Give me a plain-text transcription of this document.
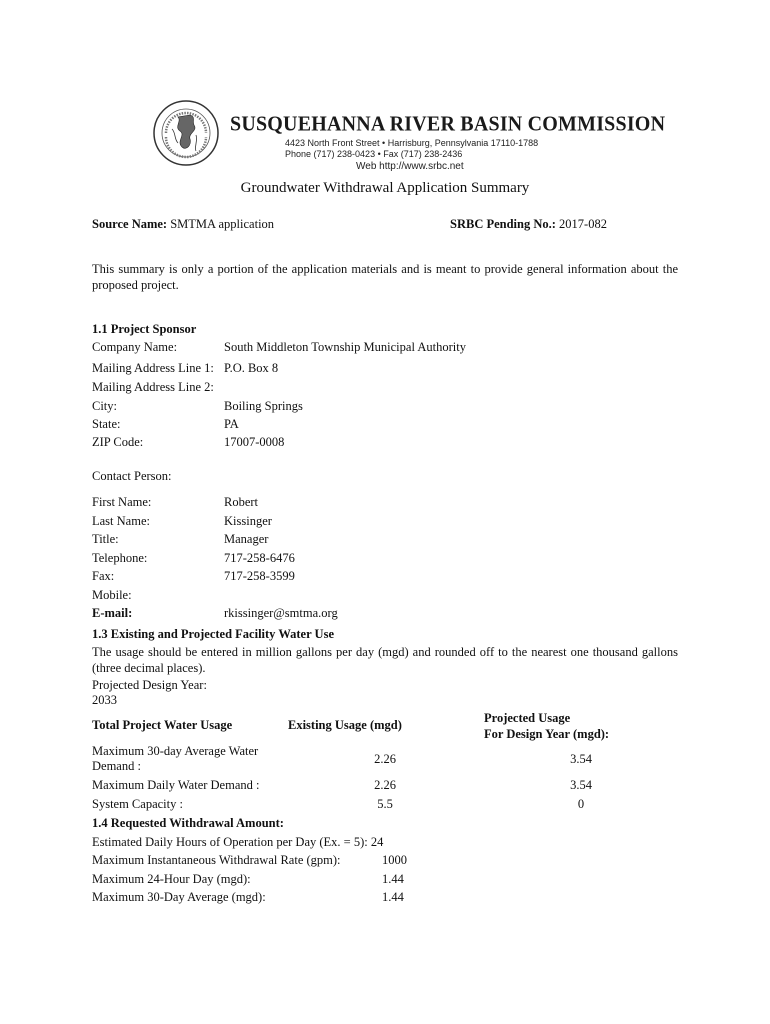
SUSQUEHANNA RIVER BASIN COMMISSION
4423 North Front Street • Harrisburg, Pennsylvania 17110-1788
Phone (717) 238-0423 • Fax (717) 238-2436
Web http://www.srbc.net
Groundwater Withdrawal Application Summary
Source Name: SMTMA application	SRBC Pending No.: 2017-082
This summary is only a portion of the application materials and is meant to provide general information about the proposed project.
1.1 Project Sponsor
Company Name:	South Middleton Township Municipal Authority
Mailing Address Line 1: P.O. Box 8
Mailing Address Line 2:
City:	Boiling Springs
State:	PA
ZIP Code:	17007-0008
Contact Person:
First Name:	Robert
Last Name:	Kissinger
Title:	Manager
Telephone:	717-258-6476
Fax:	717-258-3599
Mobile:
E-mail:	rkissinger@smtma.org
1.3 Existing and Projected Facility Water Use
The usage should be entered in million gallons per day (mgd) and rounded off to the nearest one thousand gallons (three decimal places).
Projected Design Year:
2033
Total Project Water Usage	Existing Usage (mgd)	Projected Usage
For Design Year (mgd):
Maximum 30-day Average Water
Demand :	2.26	3.54
Maximum Daily Water Demand :	2.26	3.54
System Capacity :	5.5	0
1.4 Requested Withdrawal Amount:
Estimated Daily Hours of Operation per Day (Ex. = 5): 24
Maximum Instantaneous Withdrawal Rate (gpm):	1000
Maximum 24-Hour Day (mgd):	1.44
Maximum 30-Day Average (mgd):	1.44
